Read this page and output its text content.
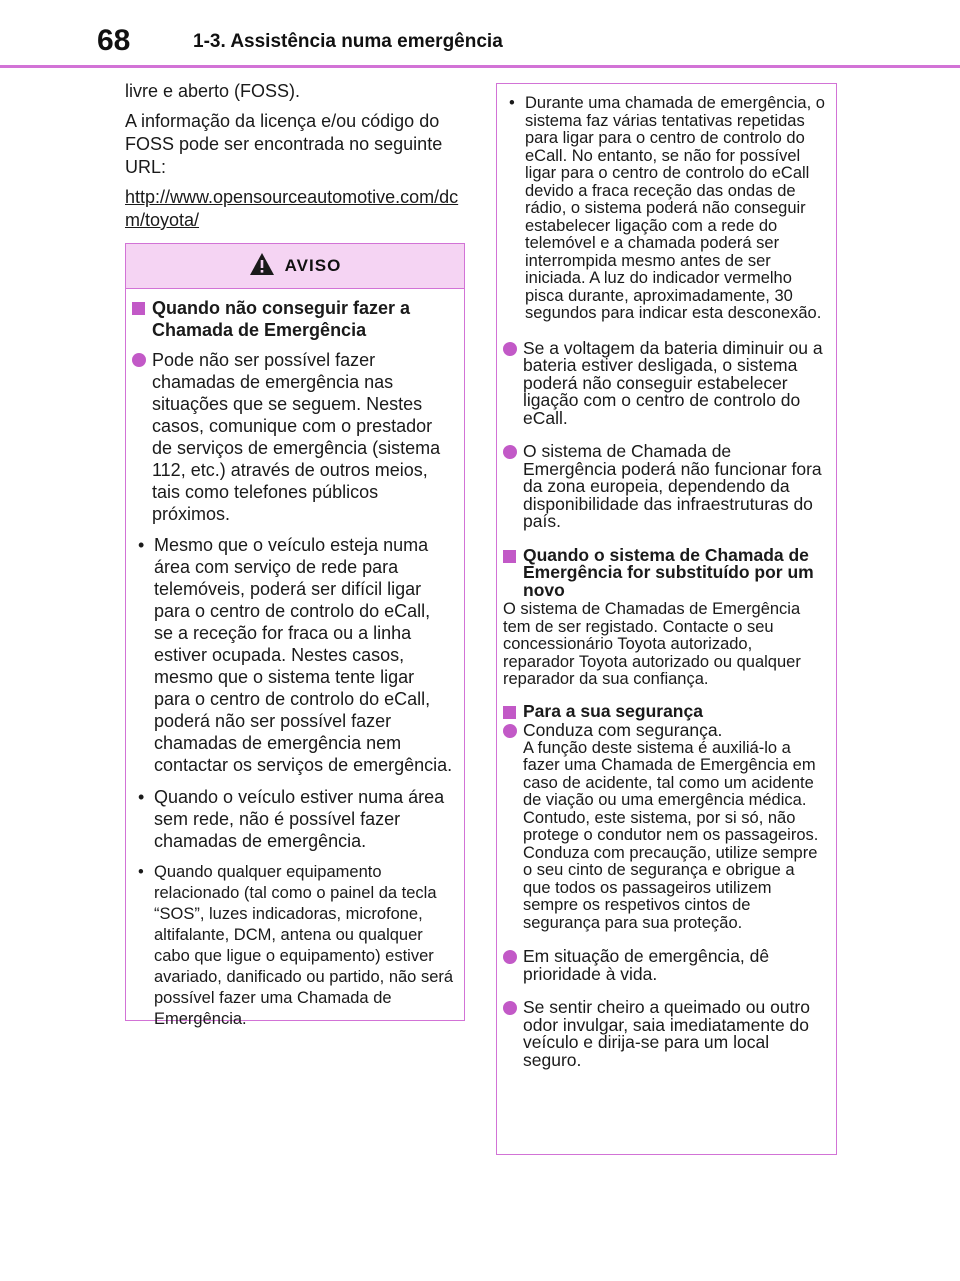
68	1-3. Assistência numa emergência

livre e aberto (FOSS).

A informação da licença e/ou código do FOSS pode ser encontrada no seguinte URL:

http://www.opensourceautomotive.com/dcm/toyota/

AVISO
Quando não conseguir fazer a Chamada de Emergência
Pode não ser possível fazer chamadas de emergência nas situações que se seguem. Nestes casos, comunique com o prestador de serviços de emergência (sistema 112, etc.) através de outros meios, tais como telefones públicos próximos.
• Mesmo que o veículo esteja numa área com serviço de rede para telemóveis, poderá ser difícil ligar para o centro de controlo do eCall, se a receção for fraca ou a linha estiver ocupada. Nestes casos, mesmo que o sistema tente ligar para o centro de controlo do eCall, poderá não ser possível fazer chamadas de emergência nem contactar os serviços de emergência.
• Quando o veículo estiver numa área sem rede, não é possível fazer chamadas de emergência.
• Quando qualquer equipamento relacionado (tal como o painel da tecla “SOS”, luzes indicadoras, microfone, altifalante, DCM, antena ou qualquer cabo que ligue o equipamento) estiver avariado, danificado ou partido, não será possível fazer uma Chamada de Emergência.
• Durante uma chamada de emergência, o sistema faz várias tentativas repetidas para ligar para o centro de controlo do eCall. No entanto, se não for possível ligar para o centro de controlo do eCall devido a fraca receção das ondas de rádio, o sistema poderá não conseguir estabelecer ligação com a rede do telemóvel e a chamada poderá ser interrompida mesmo antes de ser iniciada. A luz do indicador vermelho pisca durante, aproximadamente, 30 segundos para indicar esta desconexão.
Se a voltagem da bateria diminuir ou a bateria estiver desligada, o sistema poderá não conseguir estabelecer ligação com o centro de controlo do eCall.
O sistema de Chamada de Emergência poderá não funcionar fora da zona europeia, dependendo da disponibilidade das infraestruturas do país.
Quando o sistema de Chamada de Emergência for substituído por um novo

O sistema de Chamadas de Emergência tem de ser registado. Contacte o seu concessionário Toyota autorizado, reparador Toyota autorizado ou qualquer reparador da sua confiança.

Para a sua segurança
Conduza com segurança.
A função deste sistema é auxiliá-lo a fazer uma Chamada de Emergência em caso de acidente, tal como um acidente de viação ou uma emergência médica. Contudo, este sistema, por si só, não protege o condutor nem os passageiros. Conduza com precaução, utilize sempre o seu cinto de segurança e obrigue a que todos os passageiros utilizem sempre os respetivos cintos de segurança para sua proteção.
Em situação de emergência, dê prioridade à vida.
Se sentir cheiro a queimado ou outro odor invulgar, saia imediatamente do veículo e dirija-se para um local seguro.
